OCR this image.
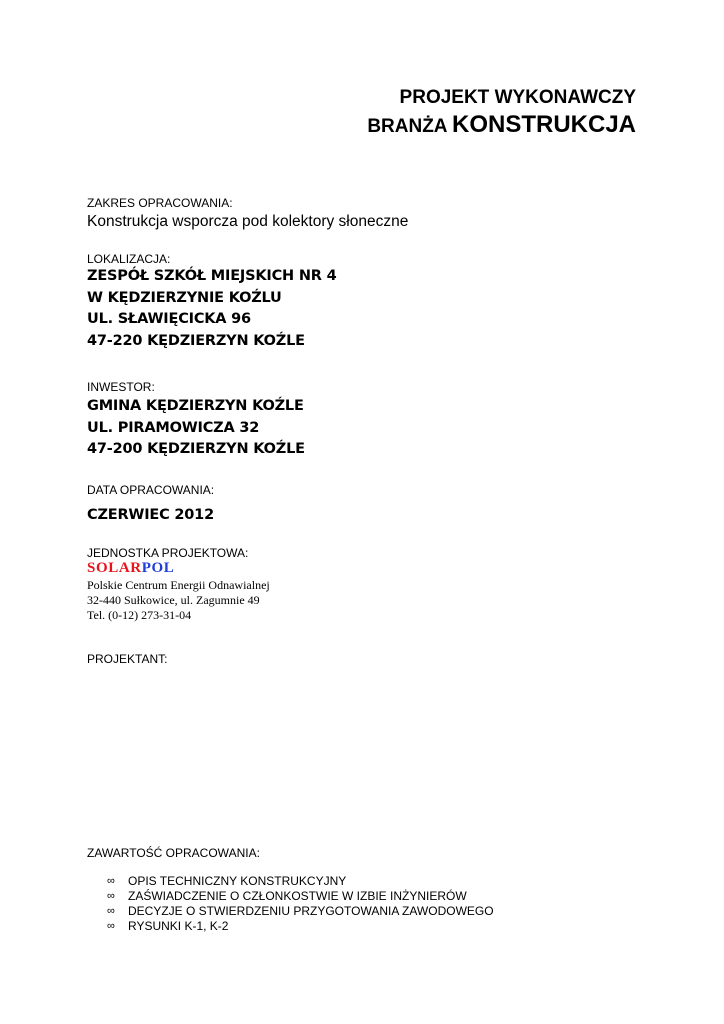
PROJEKT WYKONAWCZY
BRANŻA KONSTRUKCJA
ZAKRES OPRACOWANIA:
Konstrukcja wsporcza pod kolektory słoneczne
LOKALIZACJA:
ZESPÓŁ SZKÓŁ MIEJSKICH NR 4
W KĘDZIERZYNIE KOŹLU
UL. SŁAWIĘCICKA 96
47-220 KĘDZIERZYN KOŹLE
INWESTOR:
GMINA KĘDZIERZYN KOŹLE
UL. PIRAMOWICZA 32
47-200 KĘDZIERZYN KOŹLE
DATA OPRACOWANIA:
CZERWIEC 2012
JEDNOSTKA PROJEKTOWA:
SOLARPOL
Polskie Centrum Energii Odnawialnej
32-440 Sułkowice, ul. Zagumnie 49
Tel. (0-12) 273-31-04
PROJEKTANT:
ZAWARTOŚĆ OPRACOWANIA:
∞	OPIS TECHNICZNY KONSTRUKCYJNY
∞	ZAŚWIADCZENIE O CZŁONKOSTWIE W IZBIE INŻYNIERÓW
∞	DECYZJE O STWIERDZENIU PRZYGOTOWANIA ZAWODOWEGO
∞	RYSUNKI K-1, K-2
